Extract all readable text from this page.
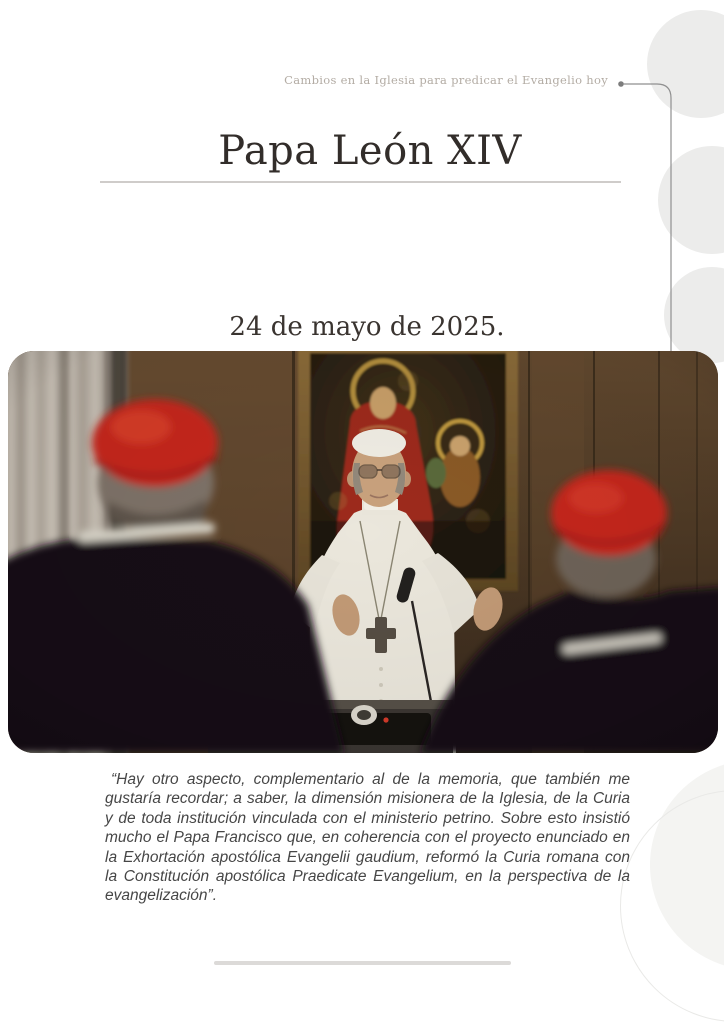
Cambios en la Iglesia para predicar el Evangelio hoy
Papa León XIV
24 de mayo de 2025.
“Hay otro aspecto, complementario al de la memoria, que también me gustaría recordar; a saber, la dimensión misionera de la Iglesia, de la Curia y de toda institución vinculada con el ministerio petrino. Sobre esto insistió mucho el Papa Francisco que, en coherencia con el proyecto enunciado en la Exhortación apostólica Evangelii gaudium, reformó la Curia romana con la Constitución apostólica Praedicate Evangelium, en la perspectiva de la evangelización”.
